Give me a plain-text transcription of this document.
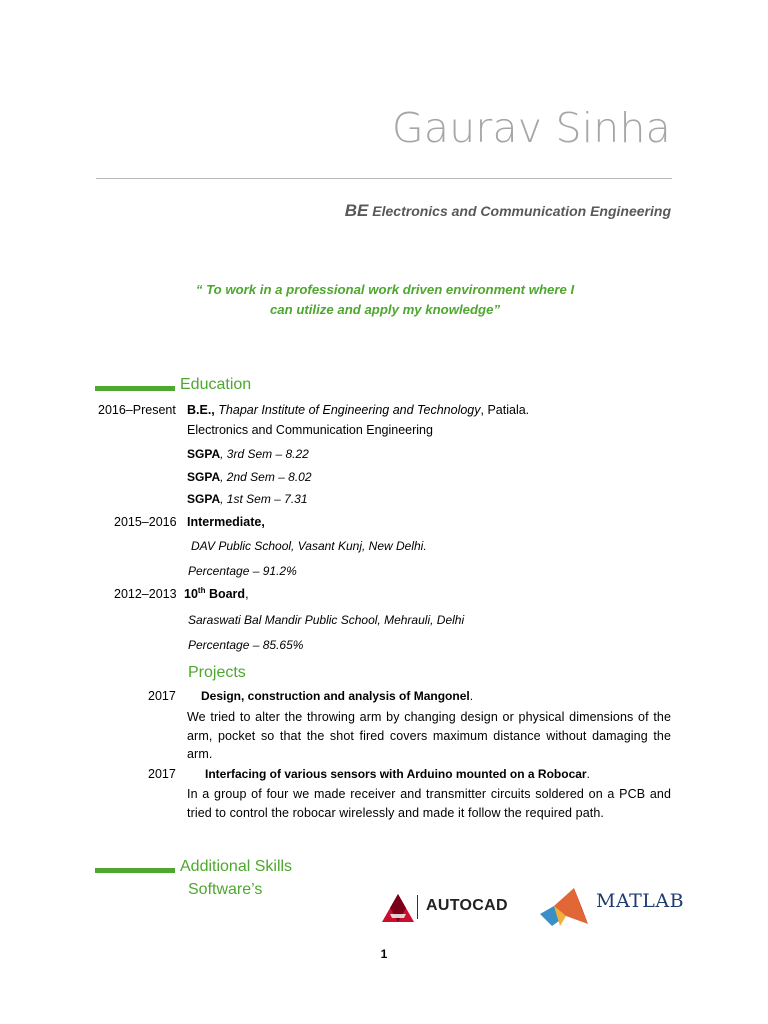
Gaurav Sinha
BE Electronics and Communication Engineering
“ To work in a professional work driven environment where I
can utilize and apply my knowledge”
Education
2016–Present B.E., Thapar Institute of Engineering and Technology, Patiala.
Electronics and Communication Engineering
SGPA, 3rd Sem – 8.22
SGPA, 2nd Sem – 8.02
SGPA, 1st Sem – 7.31
2015–2016 Intermediate,
DAV Public School, Vasant Kunj, New Delhi.
Percentage – 91.2%
2012–2013 10th Board,
Saraswati Bal Mandir Public School, Mehrauli, Delhi
Percentage – 85.65%
Projects
2017 Design, construction and analysis of Mangonel.
We tried to alter the throwing arm by changing design or physical dimensions of the arm, pocket so that the shot fired covers maximum distance without damaging the arm.
2017 Interfacing of various sensors with Arduino mounted on a Robocar.
In a group of four we made receiver and transmitter circuits soldered on a PCB and tried to control the robocar wirelessly and made it follow the required path.
Additional Skills
Software’s
AUTOCAD	MATLAB
1
